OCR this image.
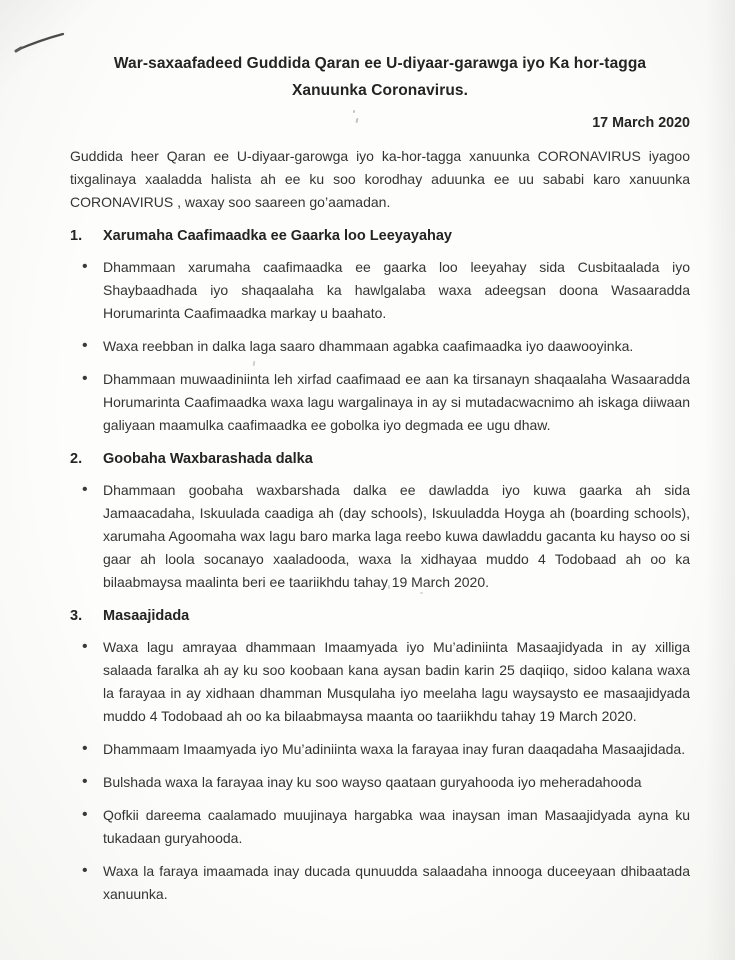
War-saxaafadeed Guddida Qaran ee U-diyaar-garawga iyo Ka hor-tagga
Xanuunka Coronavirus.
17 March 2020

Guddida heer Qaran ee U-diyaar-garowga iyo ka-hor-tagga xanuunka CORONAVIRUS iyagoo tixgalinaya xaaladda halista ah ee ku soo korodhay aduunka ee uu sababi karo xanuunka CORONAVIRUS , waxay soo saareen go’aamadan.

1.	Xarumaha Caafimaadka ee Gaarka loo Leeyayahay
• Dhammaan xarumaha caafimaadka ee gaarka loo leeyahay sida Cusbitaalada iyo Shaybaadhada iyo shaqaalaha ka hawlgalaba waxa adeegsan doona Wasaaradda Horumarinta Caafimaadka markay u baahato.
• Waxa reebban in dalka laga saaro dhammaan agabka caafimaadka iyo daawooyinka.
• Dhammaan muwaadiniinta leh xirfad caafimaad ee aan ka tirsanayn shaqaalaha Wasaaradda Horumarinta Caafimaadka waxa lagu wargalinaya in ay si mutadacwacnimo ah iskaga diiwaan galiyaan maamulka caafimaadka ee gobolka iyo degmada ee ugu dhaw.
2.	Goobaha Waxbarashada dalka
• Dhammaan goobaha waxbarshada dalka ee dawladda iyo kuwa gaarka ah sida Jamaacadaha, Iskuulada caadiga ah (day schools), Iskuuladda Hoyga ah (boarding schools), xarumaha Agoomaha wax lagu baro marka laga reebo kuwa dawladdu gacanta ku hayso oo si gaar ah loola socanayo xaaladooda, waxa la xidhayaa muddo 4 Todobaad ah oo ka bilaabmaysa maalinta beri ee taariikhdu tahay 19 March 2020.
3.	Masaajidada
• Waxa lagu amrayaa dhammaan Imaamyada iyo Mu’adiniinta Masaajidyada in ay xilliga salaada faralka ah ay ku soo koobaan kana aysan badin karin 25 daqiiqo, sidoo kalana waxa la farayaa in ay xidhaan dhamman Musqulaha iyo meelaha lagu waysaysto ee masaajidyada muddo 4 Todobaad ah oo ka bilaabmaysa maanta oo taariikhdu tahay 19 March 2020.
• Dhammaam Imaamyada iyo Mu’adiniinta waxa la farayaa inay furan daaqadaha Masaajidada.
• Bulshada waxa la farayaa inay ku soo wayso qaataan guryahooda iyo meheradahooda
• Qofkii dareema caalamado muujinaya hargabka waa inaysan iman Masaajidyada ayna ku tukadaan guryahooda.
• Waxa la faraya imaamada inay ducada qunuudda salaadaha innooga duceeyaan dhibaatada xanuunka.
